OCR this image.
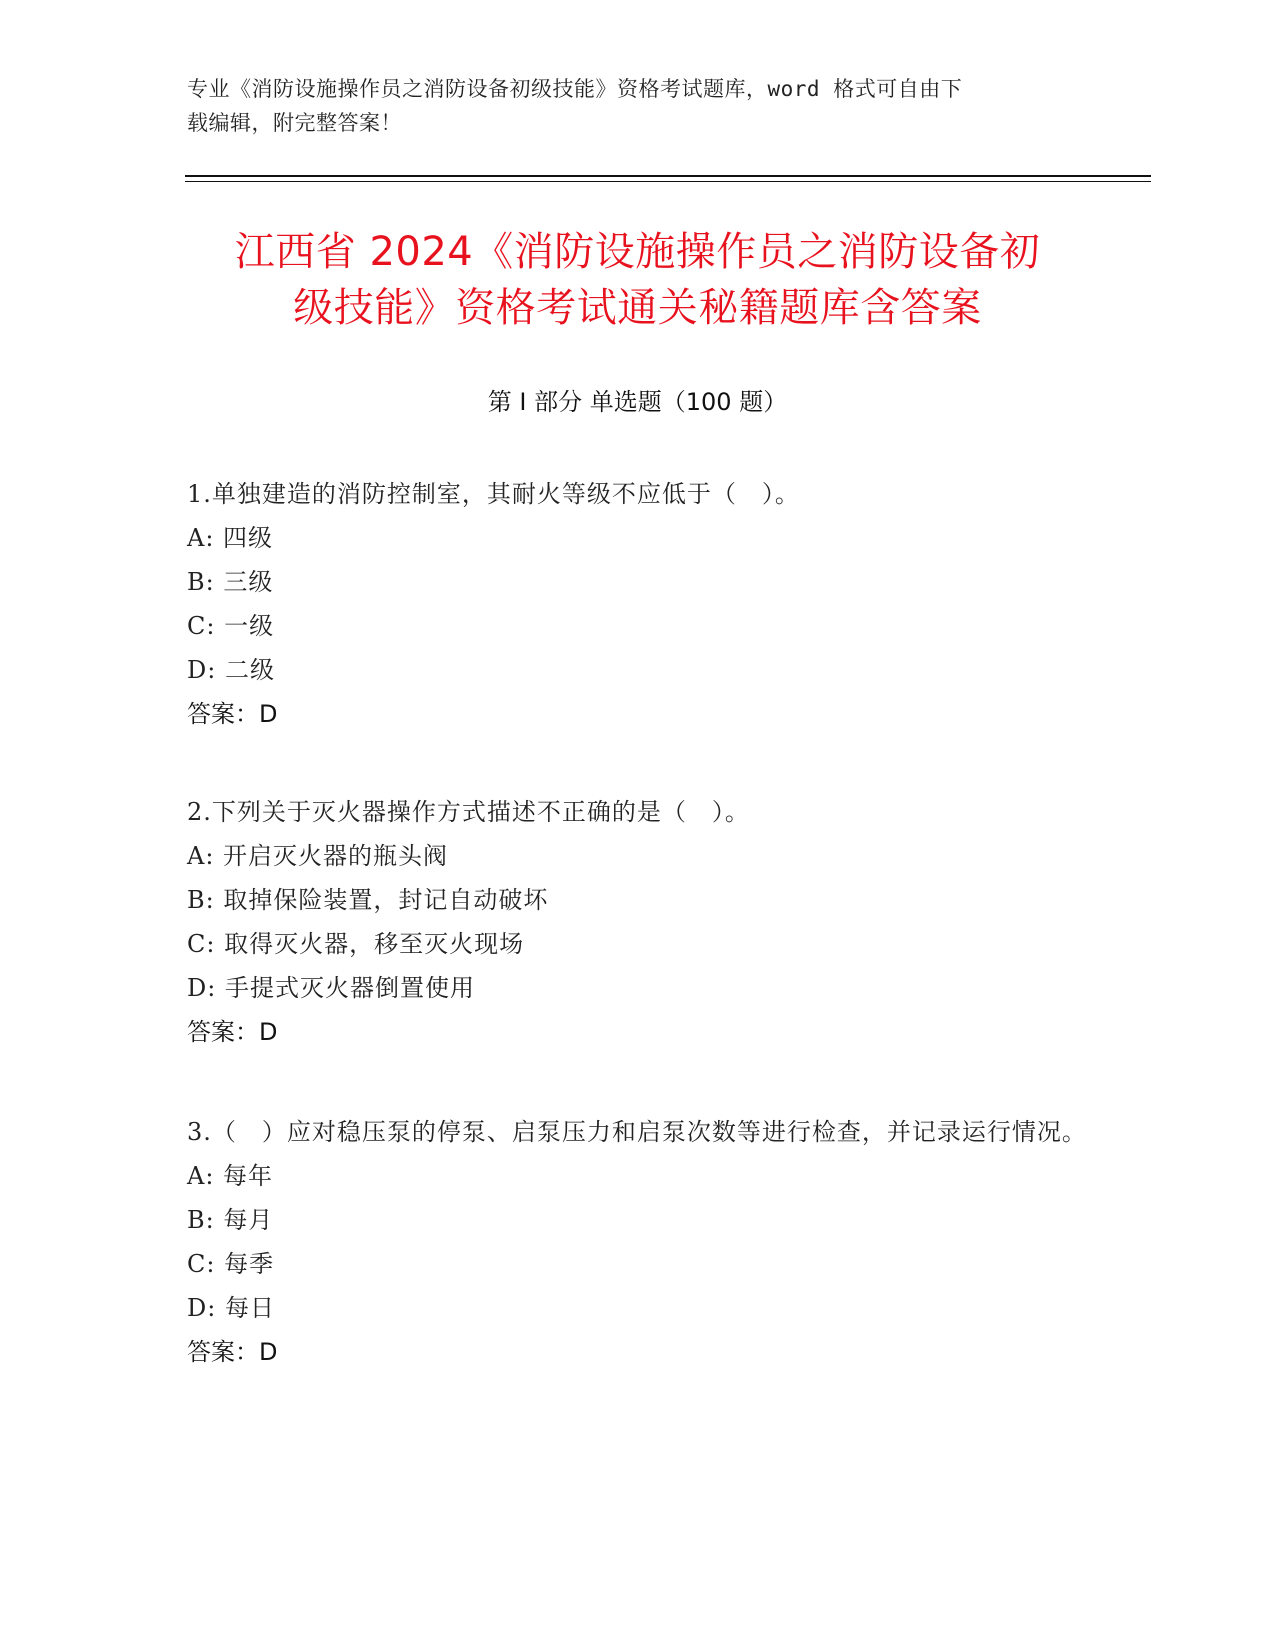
专业《消防设施操作员之消防设备初级技能》资格考试题库，word 格式可自由下
载编辑，附完整答案！
江西省 2024《消防设施操作员之消防设备初
级技能》资格考试通关秘籍题库含答案
第 I 部分 单选题（100 题）

1.单独建造的消防控制室，其耐火等级不应低于（　）。

A: 四级

B: 三级

C: 一级

D: 二级

答案：D

2.下列关于灭火器操作方式描述不正确的是（　）。

A: 开启灭火器的瓶头阀

B: 取掉保险装置，封记自动破坏

C: 取得灭火器，移至灭火现场

D: 手提式灭火器倒置使用

答案：D

3.（　）应对稳压泵的停泵、启泵压力和启泵次数等进行检查，并记录运行情况。

A: 每年

B: 每月

C: 每季

D: 每日

答案：D
